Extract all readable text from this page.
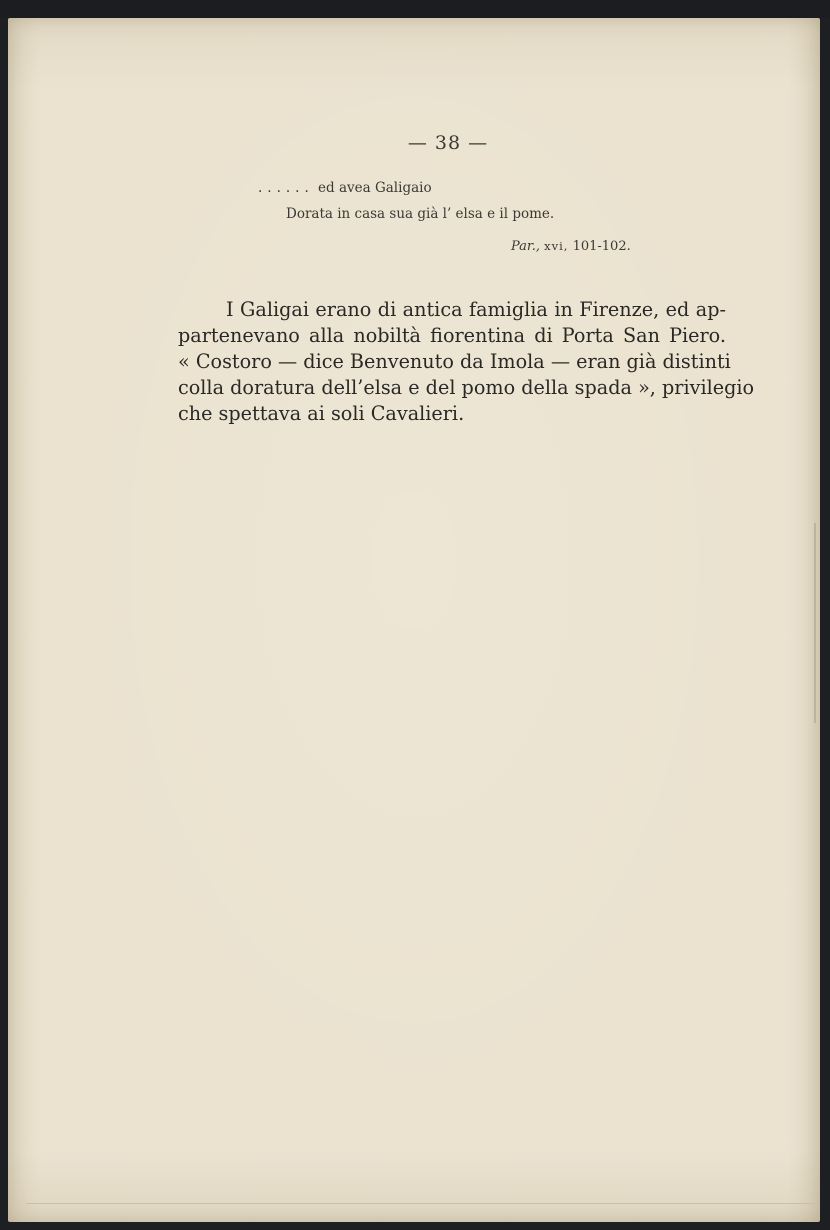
— 38 —
...... ed avea Galigaio
Dorata in casa sua già l’ elsa e il pome.
Par., xvi, 101-102.
I Galigai erano di antica famiglia in Firenze, ed ap-
partenevano alla nobiltà fiorentina di Porta San Piero.
« Costoro — dice Benvenuto da Imola — eran già distinti
colla doratura dell’elsa e del pomo della spada », privilegio
che spettava ai soli Cavalieri.
